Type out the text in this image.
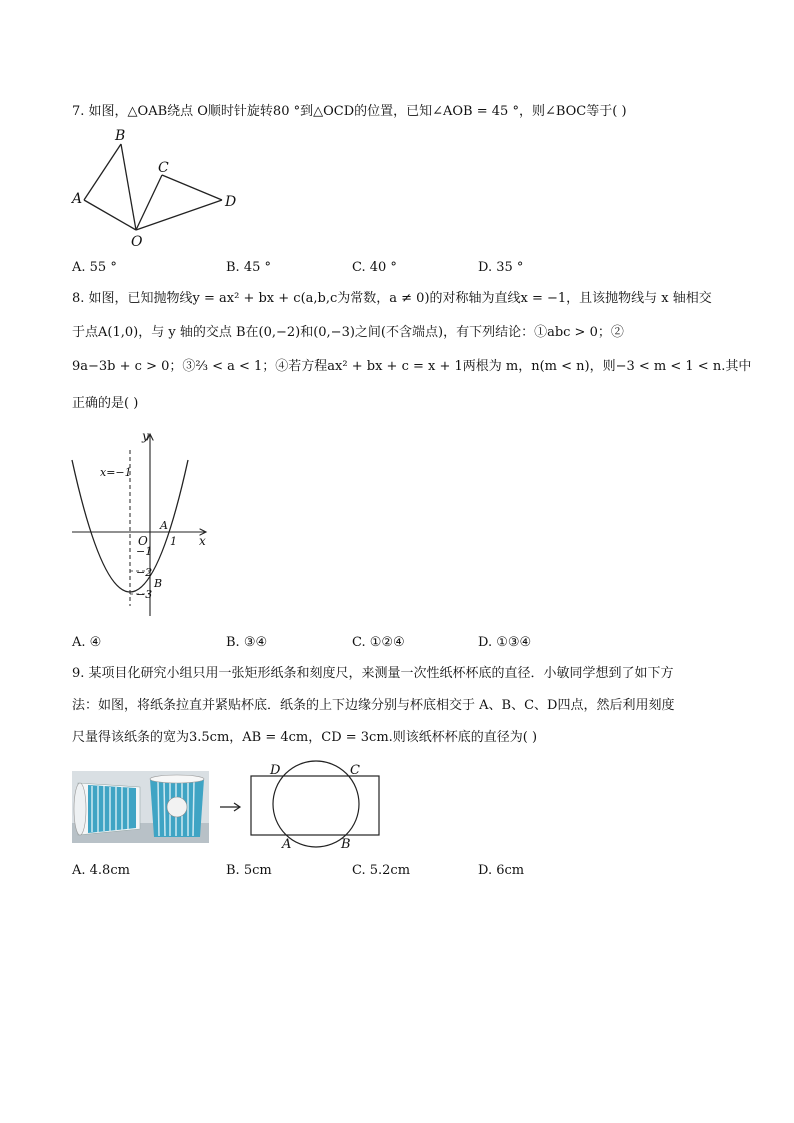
7. 如图，△OAB绕点 O顺时针旋转80 °到△OCD的位置，已知∠AOB = 45 °，则∠BOC等于( )
B
A
C
D
O
A. 55 °	B. 45 °	C. 40 °	D. 35 °
8. 如图，已知抛物线y = ax² + bx + c(a,b,c为常数，a ≠ 0)的对称轴为直线x = −1，且该抛物线与 x 轴相交
于点A(1,0)，与 y 轴的交点 B在(0,−2)和(0,−3)之间(不含端点)，有下列结论：①abc > 0；②
9a−3b + c > 0；③⅔ < a < 1；④若方程ax² + bx + c = x + 1两根为 m，n(m < n)，则−3 < m < 1 < n.其中
正确的是( )
y
x
x=−1
O
A
B
1
−1
−2
−3
A. ④	B. ③④	C. ①②④	D. ①③④
9. 某项目化研究小组只用一张矩形纸条和刻度尺，来测量一次性纸杯杯底的直径．小敏同学想到了如下方
法：如图，将纸条拉直并紧贴杯底．纸条的上下边缘分别与杯底相交于 A、B、C、D四点，然后利用刻度
尺量得该纸条的宽为3.5cm，AB = 4cm，CD = 3cm.则该纸杯杯底的直径为( )
D	C
A	B
A. 4.8cm	B. 5cm	C. 5.2cm	D. 6cm
